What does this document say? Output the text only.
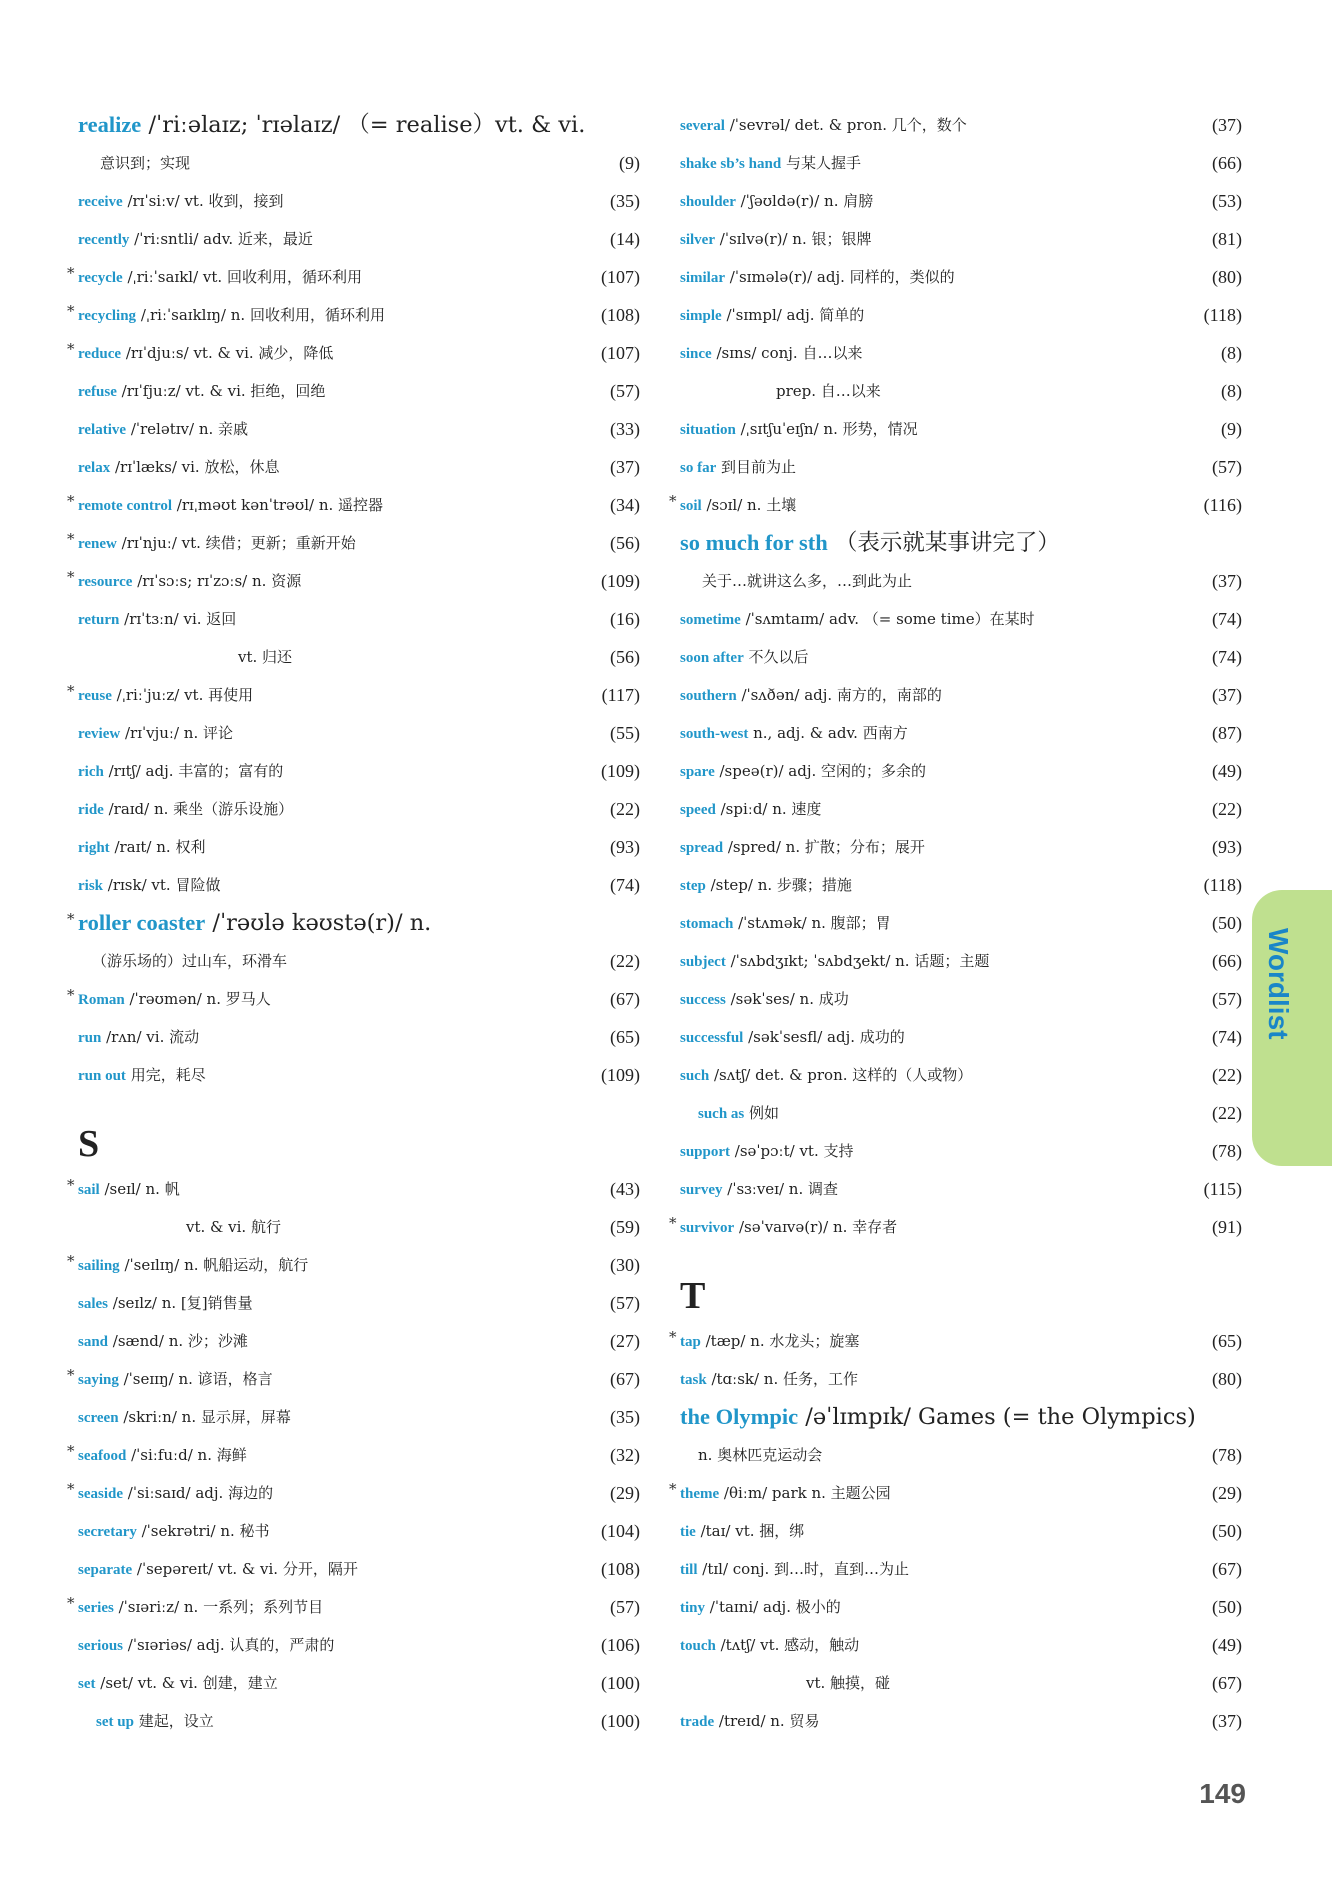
realize /ˈriːəlaɪz; ˈrɪəlaɪz/ （= realise）vt. & vi.
意识到；实现	(9)
receive /rɪˈsiːv/ vt. 收到，接到	(35)
recently /ˈriːsntli/ adv. 近来，最近	(14)
* recycle /ˌriːˈsaɪkl/ vt. 回收利用，循环利用	(107)
* recycling /ˌriːˈsaɪklɪŋ/ n. 回收利用，循环利用	(108)
* reduce /rɪˈdjuːs/ vt. & vi. 减少，降低	(107)
refuse /rɪˈfjuːz/ vt. & vi. 拒绝，回绝	(57)
relative /ˈrelətɪv/ n. 亲戚	(33)
relax /rɪˈlæks/ vi. 放松，休息	(37)
* remote control /rɪˌməʊt kənˈtrəʊl/ n. 遥控器	(34)
* renew /rɪˈnjuː/ vt. 续借；更新；重新开始	(56)
* resource /rɪˈsɔːs; rɪˈzɔːs/ n. 资源	(109)
return /rɪˈtɜːn/ vi. 返回	(16)
vt. 归还	(56)
* reuse /ˌriːˈjuːz/ vt. 再使用	(117)
review /rɪˈvjuː/ n. 评论	(55)
rich /rɪtʃ/ adj. 丰富的；富有的	(109)
ride /raɪd/ n. 乘坐（游乐设施）	(22)
right /raɪt/ n. 权利	(93)
risk /rɪsk/ vt. 冒险做	(74)
* roller coaster /ˈrəʊlə kəʊstə(r)/ n.
（游乐场的）过山车，环滑车	(22)
* Roman /ˈrəʊmən/ n. 罗马人	(67)
run /rʌn/ vi. 流动	(65)
run out 用完，耗尽	(109)
S
* sail /seɪl/ n. 帆	(43)
vt. & vi. 航行	(59)
* sailing /ˈseɪlɪŋ/ n. 帆船运动，航行	(30)
sales /seɪlz/ n. [复]销售量	(57)
sand /sænd/ n. 沙；沙滩	(27)
* saying /ˈseɪɪŋ/ n. 谚语，格言	(67)
screen /skriːn/ n. 显示屏，屏幕	(35)
* seafood /ˈsiːfuːd/ n. 海鲜	(32)
* seaside /ˈsiːsaɪd/ adj. 海边的	(29)
secretary /ˈsekrətri/ n. 秘书	(104)
separate /ˈsepəreɪt/ vt. & vi. 分开，隔开	(108)
* series /ˈsɪəriːz/ n. 一系列；系列节目	(57)
serious /ˈsɪəriəs/ adj. 认真的，严肃的	(106)
set /set/ vt. & vi. 创建，建立	(100)
set up 建起，设立	(100)
several /ˈsevrəl/ det. & pron. 几个，数个	(37)
shake sb’s hand 与某人握手	(66)
shoulder /ˈʃəʊldə(r)/ n. 肩膀	(53)
silver /ˈsɪlvə(r)/ n. 银；银牌	(81)
similar /ˈsɪmələ(r)/ adj. 同样的，类似的	(80)
simple /ˈsɪmpl/ adj. 简单的	(118)
since /sɪns/ conj. 自…以来	(8)
prep. 自…以来	(8)
situation /ˌsɪtʃuˈeɪʃn/ n. 形势，情况	(9)
so far 到目前为止	(57)
* soil /sɔɪl/ n. 土壤	(116)
so much for sth （表示就某事讲完了）
关于…就讲这么多，…到此为止	(37)
sometime /ˈsʌmtaɪm/ adv. （= some time）在某时	(74)
soon after 不久以后	(74)
southern /ˈsʌðən/ adj. 南方的，南部的	(37)
south-west n., adj. & adv. 西南方	(87)
spare /speə(r)/ adj. 空闲的；多余的	(49)
speed /spiːd/ n. 速度	(22)
spread /spred/ n. 扩散；分布；展开	(93)
step /step/ n. 步骤；措施	(118)
stomach /ˈstʌmək/ n. 腹部；胃	(50)
subject /ˈsʌbdʒɪkt; ˈsʌbdʒekt/ n. 话题；主题	(66)
success /səkˈses/ n. 成功	(57)
successful /səkˈsesfl/ adj. 成功的	(74)
such /sʌtʃ/ det. & pron. 这样的（人或物）	(22)
such as 例如	(22)
support /səˈpɔːt/ vt. 支持	(78)
survey /ˈsɜːveɪ/ n. 调查	(115)
* survivor /səˈvaɪvə(r)/ n. 幸存者	(91)
T
* tap /tæp/ n. 水龙头；旋塞	(65)
task /tɑːsk/ n. 任务，工作	(80)
the Olympic /əˈlɪmpɪk/ Games (= the Olympics)
n. 奥林匹克运动会	(78)
* theme /θiːm/ park n. 主题公园	(29)
tie /taɪ/ vt. 捆，绑	(50)
till /tɪl/ conj. 到…时，直到…为止	(67)
tiny /ˈtaɪni/ adj. 极小的	(50)
touch /tʌtʃ/ vt. 感动，触动	(49)
vt. 触摸，碰	(67)
trade /treɪd/ n. 贸易	(37)
Wordlist
149
